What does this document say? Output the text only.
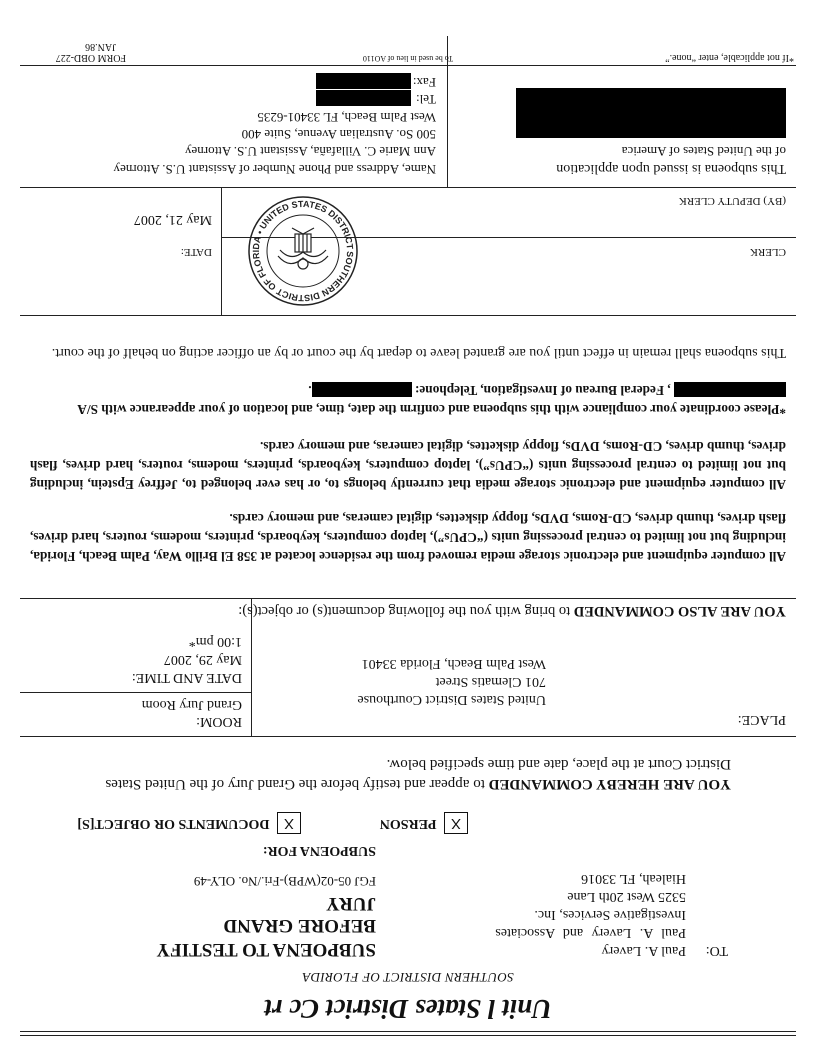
Unit l States District Cc rt
SOUTHERN DISTRICT OF FLORIDA
TO:
Paul A. Lavery
Paul A. Lavery and Associates
Investigative Services, Inc.
5325 West 20th Lane
Hialeah, FL 33016
SUBPOENA TO TESTIFY
BEFORE GRAND
JURY
FGJ 05-02(WPB)-Fri./No. OLY-49
SUBPOENA FOR:
X PERSON
X DOCUMENTS OR OBJECT[S]
YOU ARE HEREBY COMMANDED to appear and testify before the Grand Jury of the United States District Court at the place, date and time specified below.
PLACE:
United States District Courthouse
701 Clematis Street
West Palm Beach, Florida 33401
ROOM:
Grand Jury Room
DATE AND TIME:
May 29, 2007
1:00 pm*
YOU ARE ALSO COMMANDED to bring with you the following document(s) or object(s):

All computer equipment and electronic storage media removed from the residence located at 358 El Brillo Way, Palm Beach, Florida, including but not limited to central processing units (“CPUs”), laptop computers, keyboards, printers, modems, routers, hard drives, flash drives, thumb drives, CD-Roms, DVDs, floppy diskettes, digital cameras, and memory cards.

All computer equipment and electronic storage media that currently belongs to, or has ever belonged to, Jeffrey Epstein, including but not limited to central processing units (“CPUs”), laptop computers, keyboards, printers, modems, routers, hard drives, flash drives, thumb drives, CD-Roms, DVDs, floppy diskettes, digital cameras, and memory cards.

*Please coordinate your compliance with this subpoena and confirm the date, time, and location of your appearance with S/A  , Federal Bureau of Investigation, Telephone: .

This subpoena shall remain in effect until you are granted leave to depart by the court or by an officer acting on behalf of the court.

CLERK
(BY) DEPUTY CLERK
DATE:
May 21, 2007
SOUTHERN DISTRICT OF FLORIDA • UNITED STATES DISTRICT
This subpoena is issued upon application
of the United States of America
Name, Address and Phone Number of Assistant U.S. Attorney
Ann Marie C. Villafaña, Assistant U.S. Attorney
500 So. Australian Avenue, Suite 400
West Palm Beach, FL 33401-6235
Tel:
Fax:
*If not applicable, enter “none.”
To be used in lieu of AO110
FORM OBD-227
JAN.86
